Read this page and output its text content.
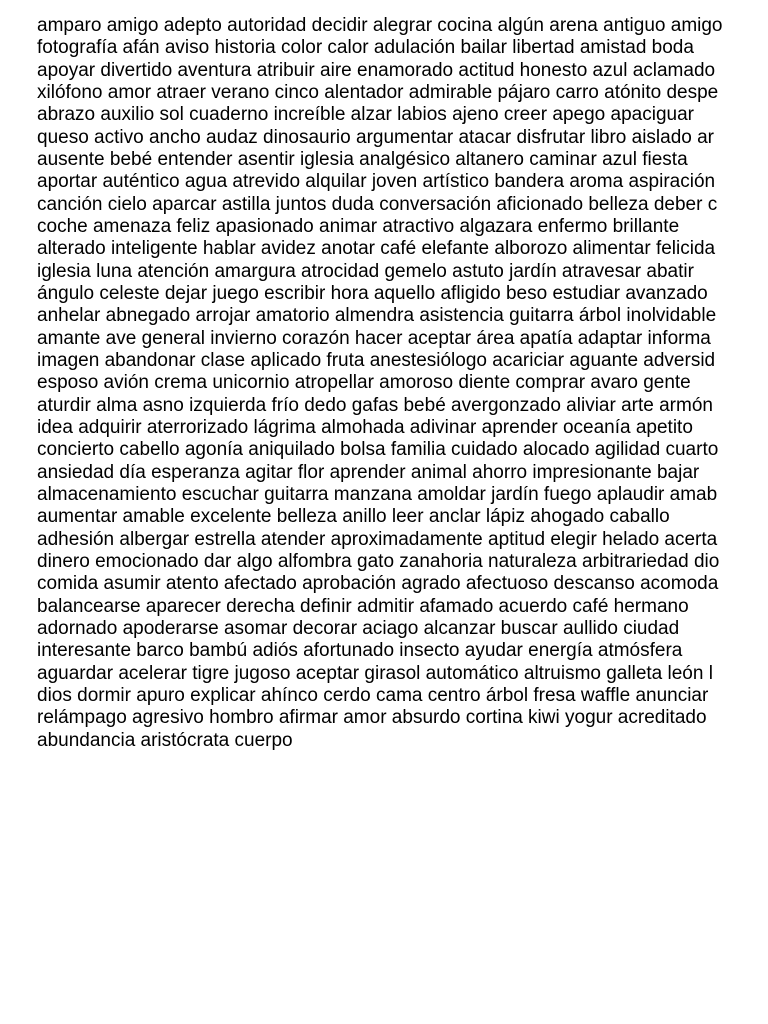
amparo amigo adepto autoridad decidir alegrar cocina algún arena antiguo amigo
fotografía afán aviso historia color calor adulación bailar libertad amistad boda
apoyar divertido aventura atribuir aire enamorado actitud honesto azul aclamado
xilófono amor atraer verano cinco alentador admirable pájaro carro atónito despe
abrazo auxilio sol cuaderno increíble alzar labios ajeno creer apego apaciguar
queso activo ancho audaz dinosaurio argumentar atacar disfrutar libro aislado ar
ausente bebé entender asentir iglesia analgésico altanero caminar azul fiesta
aportar auténtico agua atrevido alquilar joven artístico bandera aroma aspiración
canción cielo aparcar astilla juntos duda conversación aficionado belleza deber c
coche amenaza feliz apasionado animar atractivo algazara enfermo brillante
alterado inteligente hablar avidez anotar café elefante alborozo alimentar felicida
iglesia luna atención amargura atrocidad gemelo astuto jardín atravesar abatir
ángulo celeste dejar juego escribir hora aquello afligido beso estudiar avanzado
anhelar abnegado arrojar amatorio almendra asistencia guitarra árbol inolvidable
amante ave general invierno corazón hacer aceptar área apatía adaptar informa
imagen abandonar clase aplicado fruta anestesiólogo acariciar aguante adversid
esposo avión crema unicornio atropellar amoroso diente comprar avaro gente
aturdir alma asno izquierda frío dedo gafas bebé avergonzado aliviar arte armón
idea adquirir aterrorizado lágrima almohada adivinar aprender oceanía apetito
concierto cabello agonía aniquilado bolsa familia cuidado alocado agilidad cuarto
ansiedad día esperanza agitar flor aprender animal ahorro impresionante bajar
almacenamiento escuchar guitarra manzana amoldar jardín fuego aplaudir amab
aumentar amable excelente belleza anillo leer anclar lápiz ahogado caballo
adhesión albergar estrella atender aproximadamente aptitud elegir helado acerta
dinero emocionado dar algo alfombra gato zanahoria naturaleza arbitrariedad dio
comida asumir atento afectado aprobación agrado afectuoso descanso acomoda
balancearse aparecer derecha definir admitir afamado acuerdo café hermano
adornado apoderarse asomar decorar aciago alcanzar buscar aullido ciudad
interesante barco bambú adiós afortunado insecto ayudar energía atmósfera
aguardar acelerar tigre jugoso aceptar girasol automático altruismo galleta león l
dios dormir apuro explicar ahínco cerdo cama centro árbol fresa waffle anunciar
relámpago agresivo hombro afirmar amor absurdo cortina kiwi yogur acreditado
abundancia aristócrata cuerpo
